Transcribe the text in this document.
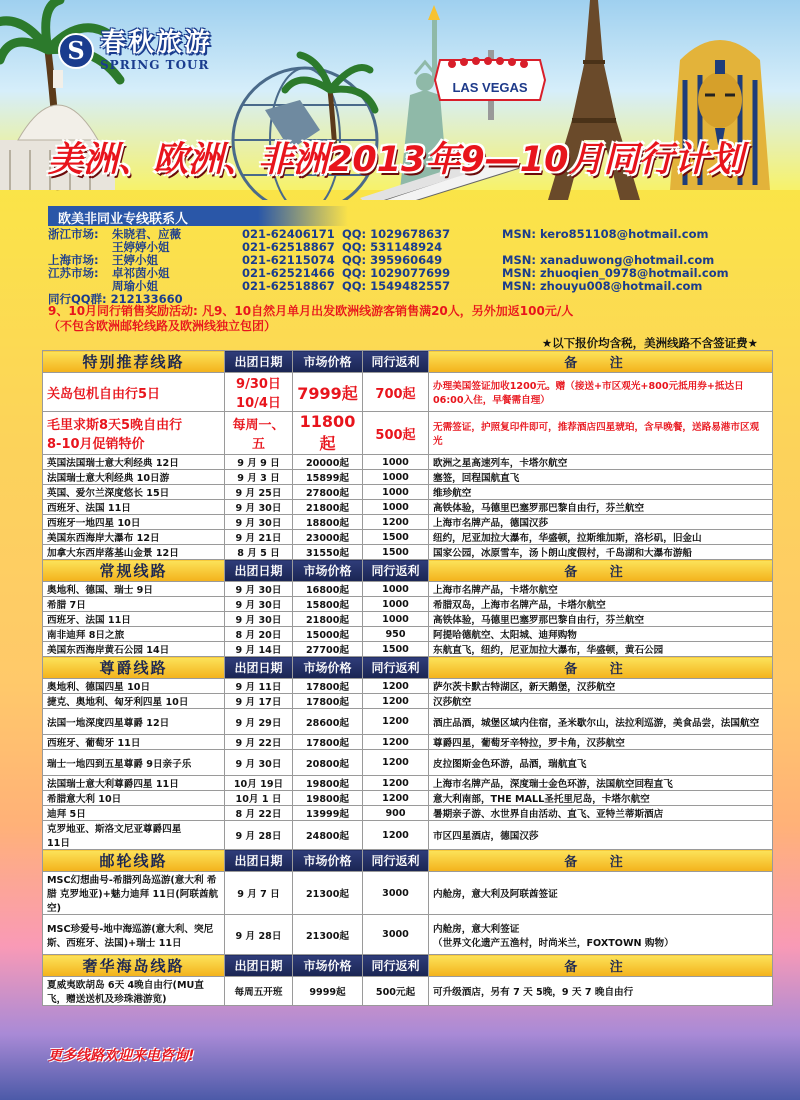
LAS VEGAS
S 春秋旅游
SPRING TOUR
美洲、欧洲、非洲2013年9—10月同行计划
欧美非同业专线联系人
浙江市场:	朱晓君、应薇	021-62406171 QQ: 1029678637	MSN: kero851108@hotmail.com
王婷婷小姐	021-62518867 QQ: 531148924
上海市场:	王婷小姐	021-62115074 QQ: 395960649	MSN: xanaduwong@hotmail.com
江苏市场:	卓祁茵小姐	021-62521466 QQ: 1029077699	MSN: zhuoqien_0978@hotmail.com
周瑜小姐	021-62518867 QQ: 1549482557	MSN: zhouyu008@hotmail.com
同行QQ群: 212133660
9、10月同行销售奖励活动: 凡9、10自然月单月出发欧洲线游客销售满20人，另外加返100元/人
（不包含欧洲邮轮线路及欧洲线独立包团）
★以下报价均含税，美洲线路不含签证费★
特别推荐线路	出团日期	市场价格	同行返利	备 注
关岛包机自由行5日	9/30日
10/4日	7999起	700起	办理美国签证加收1200元。赠（接送+市区观光+800元抵用券+抵达日06:00入住，早餐需自理）
毛里求斯8天5晚自由行
8-10月促销特价	每周一、五	11800起	500起	无需签证，护照复印件即可，推荐酒店四星琥珀，含早晚餐，送路易港市区观光
英国法国瑞士意大利经典 12日	9 月 9 日	20000起	1000	欧洲之星高速列车，卡塔尔航空
法国瑞士意大利经典 10日游	9 月 3 日	15899起	1000	塞签，回程国航直飞
英国、爱尔兰深度悠长 15日	9 月 25日	27800起	1000	维珍航空
西班牙、法国 11日	9 月 30日	21800起	1000	高铁体验，马德里巴塞罗那巴黎自由行，芬兰航空
西班牙一地四星 10日	9 月 30日	18800起	1200	上海市名牌产品，德国汉莎
美国东西海岸大瀑布 12日	9 月 21日	23000起	1500	纽约，尼亚加拉大瀑布，华盛顿，拉斯维加斯，洛杉矶，旧金山
加拿大东西岸落基山金景 12日	8 月 5 日	31550起	1500	国家公园，冰原雪车，汤卜朗山度假村，千岛湖和大瀑布游船
常规线路	出团日期	市场价格	同行返利	备 注
奥地利、德国、瑞士 9日	9 月 30日	16800起	1000	上海市名牌产品，卡塔尔航空
希腊 7日	9 月 30日	15800起	1000	希腊双岛，上海市名牌产品，卡塔尔航空
西班牙、法国 11日	9 月 30日	21800起	1000	高铁体验，马德里巴塞罗那巴黎自由行，芬兰航空
南非迪拜 8日之旅	8 月 20日	15000起	950	阿提哈德航空、太阳城、迪拜购物
美国东西海岸黄石公园 14日	9 月 14日	27700起	1500	东航直飞，纽约，尼亚加拉大瀑布，华盛顿，黄石公园
尊爵线路	出团日期	市场价格	同行返利	备 注
奥地利、德国四星 10日	9 月 11日	17800起	1200	萨尔茨卡默古特湖区，新天鹅堡，汉莎航空
捷克、奥地利、匈牙利四星 10日	9 月 17日	17800起	1200	汉莎航空
法国一地深度四星尊爵 12日	9 月 29日	28600起	1200	酒庄品酒，城堡区域内住宿，圣米歇尔山，法拉利巡游，美食品尝，法国航空
西班牙、葡萄牙 11日	9 月 22日	17800起	1200	尊爵四星，葡萄牙辛特拉，罗卡角，汉莎航空
瑞士一地四到五星尊爵 9日亲子乐	9 月 30日	20800起	1200	皮拉图斯金色环游，品酒，瑞航直飞
法国瑞士意大利尊爵四星 11日	10月 19日	19800起	1200	上海市名牌产品，深度瑞士金色环游，法国航空回程直飞
希腊意大利 10日	10月 1 日	19800起	1200	意大利南部，THE MALL圣托里尼岛，卡塔尔航空
迪拜 5日	8 月 22日	13999起	900	暑期亲子游、水世界自由活动、直飞、亚特兰蒂斯酒店
克罗地亚、斯洛文尼亚尊爵四星
11日	9 月 28日	24800起	1200	市区四星酒店，德国汉莎
邮轮线路	出团日期	市场价格	同行返利	备 注
MSC幻想曲号-希腊列岛巡游(意大利 希腊 克罗地亚)+魅力迪拜 11日(阿联酋航空)	9 月 7 日	21300起	3000	内舱房，意大利及阿联酋签证
MSC珍爱号-地中海巡游(意大利、突尼斯、西班牙、法国)+瑞士 11日	9 月 28日	21300起	3000	内舱房，意大利签证
（世界文化遗产五渔村，时尚米兰，FOXTOWN 购物）
奢华海岛线路	出团日期	市场价格	同行返利	备 注
夏威夷欧胡岛 6天 4晚自由行(MU直飞，赠送送机及珍珠港游览)	每周五开班	9999起	500元起	可升级酒店，另有 7 天 5晚，9 天 7 晚自由行
更多线路欢迎来电咨询!
